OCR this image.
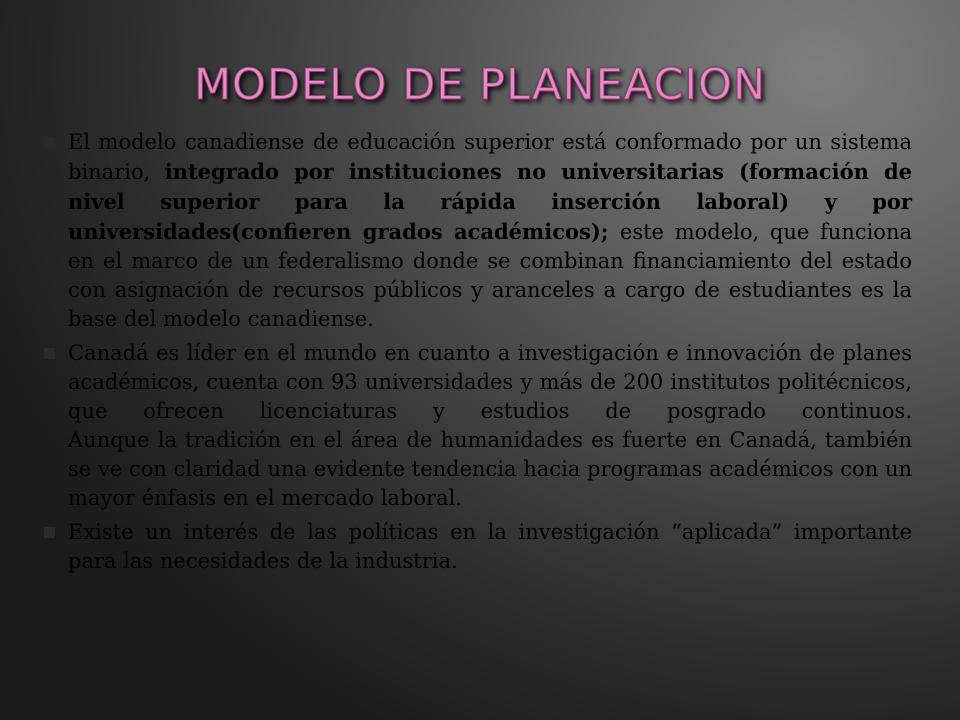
MODELO DE PLANEACION

El modelo canadiense de educación superior está conformado por un sistema binario, integrado por instituciones no universitarias (formación de nivel superior para la rápida inserción laboral) y por universidades(confieren grados académicos); este modelo, que funciona en el marco de un federalismo donde se combinan financiamiento del estado con asignación de recursos públicos y aranceles a cargo de estudiantes es la base del modelo canadiense.

Canadá es líder en el mundo en cuanto a investigación e innovación de planes académicos, cuenta con 93 universidades y más de 200 institutos politécnicos, que ofrecen licenciaturas y estudios de posgrado continuos.
Aunque la tradición en el área de humanidades es fuerte en Canadá, también se ve con claridad una evidente tendencia hacia programas académicos con un mayor énfasis en el mercado laboral.

Existe un interés de las políticas en la investigación “aplicada” importante para las necesidades de la industria.
